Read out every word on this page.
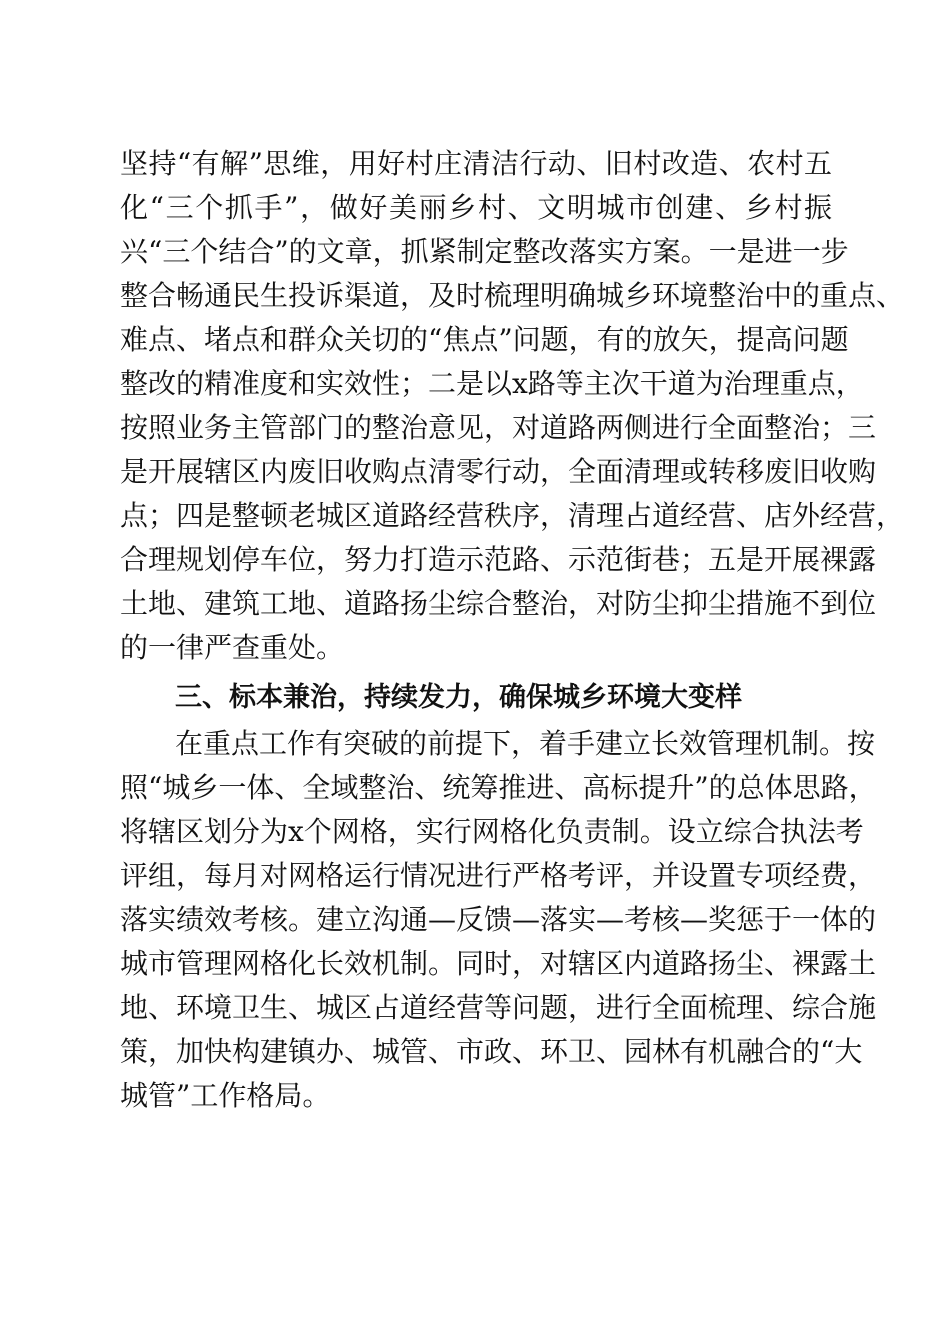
坚持“有解”思维，用好村庄清洁行动、旧村改造、农村五
化“三个抓手”，做好美丽乡村、文明城市创建、乡村振
兴“三个结合”的文章，抓紧制定整改落实方案。一是进一步
整合畅通民生投诉渠道，及时梳理明确城乡环境整治中的重点、
难点、堵点和群众关切的“焦点”问题，有的放矢，提高问题
整改的精准度和实效性；二是以x路等主次干道为治理重点，
按照业务主管部门的整治意见，对道路两侧进行全面整治；三
是开展辖区内废旧收购点清零行动，全面清理或转移废旧收购
点；四是整顿老城区道路经营秩序，清理占道经营、店外经营，
合理规划停车位，努力打造示范路、示范街巷；五是开展裸露
土地、建筑工地、道路扬尘综合整治，对防尘抑尘措施不到位
的一律严查重处。
三、标本兼治，持续发力，确保城乡环境大变样
在重点工作有突破的前提下，着手建立长效管理机制。按
照“城乡一体、全域整治、统筹推进、高标提升”的总体思路，
将辖区划分为x个网格，实行网格化负责制。设立综合执法考
评组，每月对网格运行情况进行严格考评，并设置专项经费，
落实绩效考核。建立沟通—反馈—落实—考核—奖惩于一体的
城市管理网格化长效机制。同时，对辖区内道路扬尘、裸露土
地、环境卫生、城区占道经营等问题，进行全面梳理、综合施
策，加快构建镇办、城管、市政、环卫、园林有机融合的“大
城管”工作格局。
